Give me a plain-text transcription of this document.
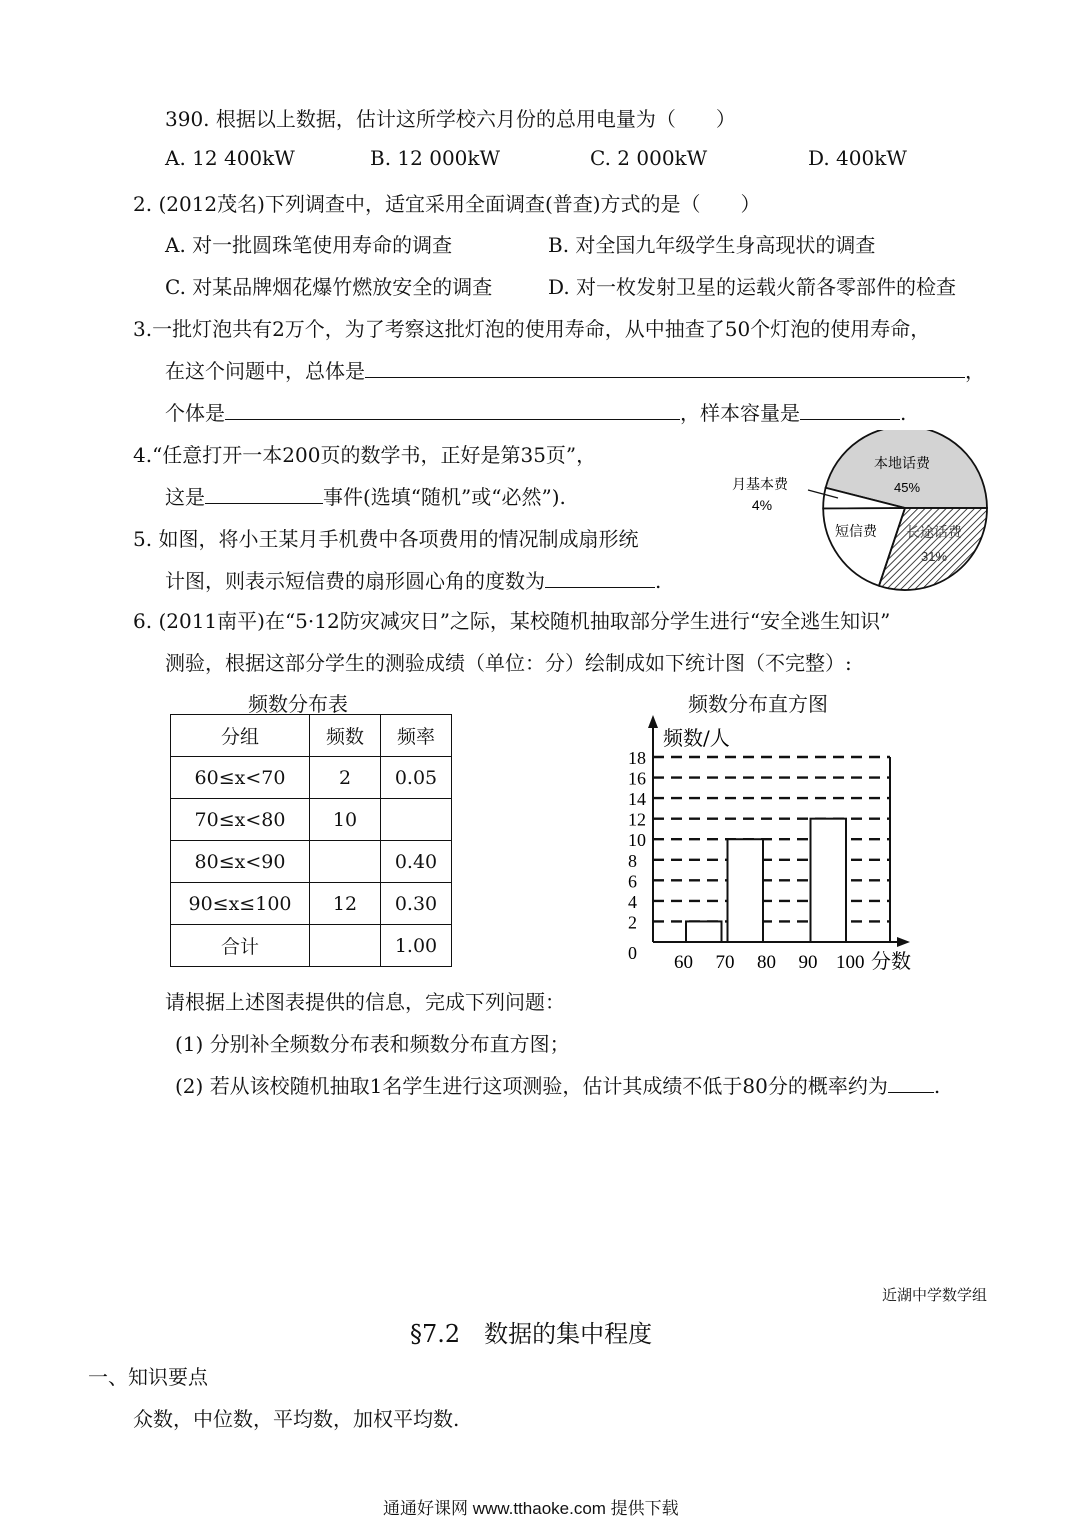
390. 根据以上数据，估计这所学校六月份的总用电量为（　　）
A. 12 400kW	B. 12 000kW	C. 2 000kW	D. 400kW
2. (2012茂名)下列调查中，适宜采用全面调查(普查)方式的是（　　）
A. 对一批圆珠笔使用寿命的调查	B. 对全国九年级学生身高现状的调查
C. 对某品牌烟花爆竹燃放安全的调查	D. 对一枚发射卫星的运载火箭各零部件的检查
3.一批灯泡共有2万个，为了考察这批灯泡的使用寿命，从中抽查了50个灯泡的使用寿命，
在这个问题中，总体是	，
个体是	，样本容量是	.
4.“任意打开一本200页的数学书，正好是第35页”，
这是	事件(选填“随机”或“必然”).
5. 如图，将小王某月手机费中各项费用的情况制成扇形统
计图，则表示短信费的扇形圆心角的度数为	.
本地话费
45%
月基本费
4%
短信费 长途话费
31%
6. (2011南平)在“5·12防灾减灾日”之际，某校随机抽取部分学生进行“安全逃生知识”
测验，根据这部分学生的测验成绩（单位：分）绘制成如下统计图（不完整）:
频数分布表
分组	频数	频率
60≤x<70	2	0.05
70≤x<80	10	
80≤x<90		0.40
90≤x≤100	12	0.30
合计		1.00
频数分布直方图
0
2
4
6
8
10
12
14
16
18
60 70 80 90 100 分数
频数/人
请根据上述图表提供的信息，完成下列问题：
(1) 分别补全频数分布表和频数分布直方图；
(2) 若从该校随机抽取1名学生进行这项测验，估计其成绩不低于80分的概率约为 .
近湖中学数学组
§7.2　数据的集中程度
一、知识要点
众数，中位数，平均数，加权平均数.
通通好课网 www.tthaoke.com 提供下载
